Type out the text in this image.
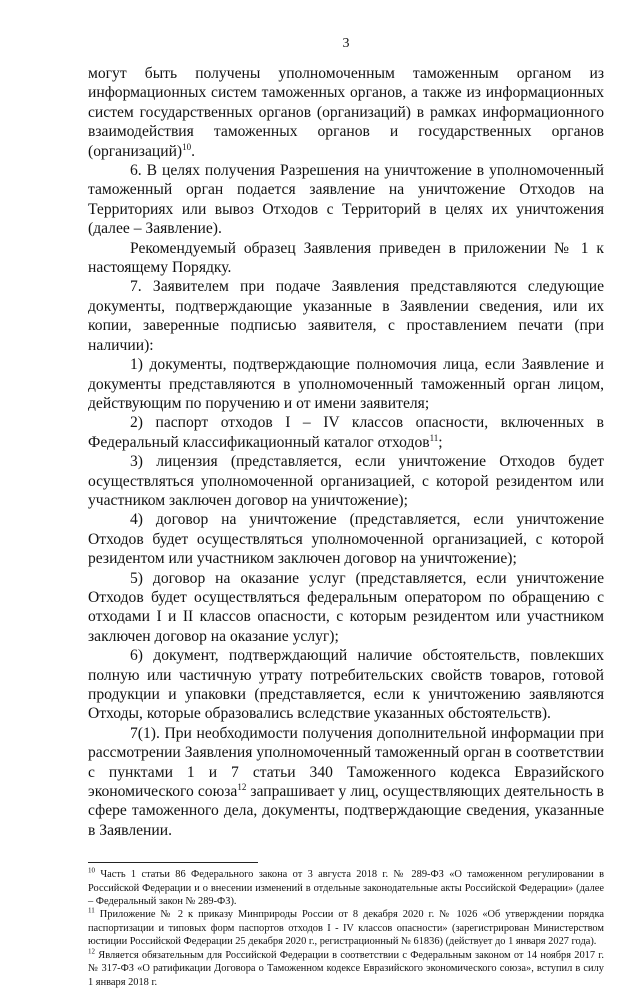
3

могут быть получены уполномоченным таможенным органом из информационных систем таможенных органов, а также из информационных систем государственных органов (организаций) в рамках информационного взаимодействия таможенных органов и государственных органов (организаций)$^{10}$.

6. В целях получения Разрешения на уничтожение в уполномоченный таможенный орган подается заявление на уничтожение Отходов на Территориях или вывоз Отходов с Территорий в целях их уничтожения (далее – Заявление).

Рекомендуемый образец Заявления приведен в приложении № 1 к настоящему Порядку.

7. Заявителем при подаче Заявления представляются следующие документы, подтверждающие указанные в Заявлении сведения, или их копии, заверенные подписью заявителя, с проставлением печати (при наличии):

1) документы, подтверждающие полномочия лица, если Заявление и документы представляются в уполномоченный таможенный орган лицом, действующим по поручению и от имени заявителя;

2) паспорт отходов I – IV классов опасности, включенных в Федеральный классификационный каталог отходов$^{11}$;

3) лицензия (представляется, если уничтожение Отходов будет осуществляться уполномоченной организацией, с которой резидентом или участником заключен договор на уничтожение);

4) договор на уничтожение (представляется, если уничтожение Отходов будет осуществляться уполномоченной организацией, с которой резидентом или участником заключен договор на уничтожение);

5) договор на оказание услуг (представляется, если уничтожение Отходов будет осуществляться федеральным оператором по обращению с отходами I и II классов опасности, с которым резидентом или участником заключен договор на оказание услуг);

6) документ, подтверждающий наличие обстоятельств, повлекших полную или частичную утрату потребительских свойств товаров, готовой продукции и упаковки (представляется, если к уничтожению заявляются Отходы, которые образовались вследствие указанных обстоятельств).

7(1). При необходимости получения дополнительной информации при рассмотрении Заявления уполномоченный таможенный орган в соответствии с пунктами 1 и 7 статьи 340 Таможенного кодекса Евразийского экономического союза$^{12}$ запрашивает у лиц, осуществляющих деятельность в сфере таможенного дела, документы, подтверждающие сведения, указанные в Заявлении.

$^{10}$ Часть 1 статьи 86 Федерального закона от 3 августа 2018 г. № 289-ФЗ «О таможенном регулировании в Российской Федерации и о внесении изменений в отдельные законодательные акты Российской Федерации» (далее – Федеральный закон № 289-ФЗ).

$^{11}$ Приложение № 2 к приказу Минприроды России от 8 декабря 2020 г. № 1026 «Об утверждении порядка паспортизации и типовых форм паспортов отходов I - IV классов опасности» (зарегистрирован Министерством юстиции Российской Федерации 25 декабря 2020 г., регистрационный № 61836) (действует до 1 января 2027 года).

$^{12}$ Является обязательным для Российской Федерации в соответствии с Федеральным законом от 14 ноября 2017 г. № 317-ФЗ «О ратификации Договора о Таможенном кодексе Евразийского экономического союза», вступил в силу 1 января 2018 г.
